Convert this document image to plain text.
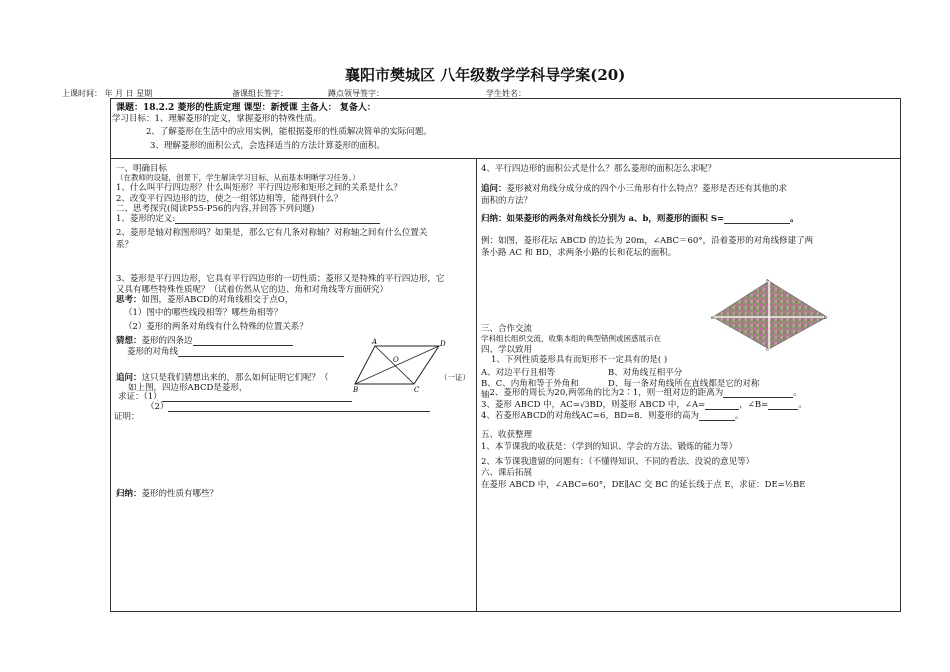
襄阳市樊城区 八年级数学学科导学案(20)
上课时间： 年 月 日 星期	备课组长签字：	蹲点领导签字：	学生姓名：
课题：18.2.2 菱形的性质定理 课型：新授课 主备人： 复备人：
学习目标：1、理解菱形的定义，掌握菱形的特殊性质。
2、了解菱形在生活中的应用实例，能根据菱形的性质解决简单的实际问题。
3、理解菱形的面积公式，会选择适当的方法计算菱形的面积。
一、明确目标
（在教师的设疑，创景下，学生解读学习目标，从而基本明晰学习任务。）
1、什么叫平行四边形？什么叫矩形？平行四边形和矩形之间的关系是什么？
2、改变平行四边形的边，使之一组邻边相等，能得到什么？
二、思考探究(阅读P55-P56的内容,并回答下列问题)
1、菱形的定义:
2、菱形是轴对称图形吗？如果是，那么它有几条对称轴？对称轴之间有什么位置关
系？
3、菱形是平行四边形，它具有平行四边形的一切性质；菱形又是特殊的平行四边形，它
又具有哪些特殊性质呢？（试着仿然从它的边、角和对角线等方面研究）
思考：如图，菱形ABCD的对角线相交于点O，
（1）图中的哪些线段相等？哪些角相等？
（2）菱形的两条对角线有什么特殊的位置关系？
猜想：菱形的四条边
菱形的对角线
A	D
C
B
O
追问：这只是我们猜想出来的，那么如何证明它们呢？（	（一证）
如上图，四边形ABCD是菱形，
求证：（1）
（2）
证明：
归纳：菱形的性质有哪些？
4、平行四边形的面积公式是什么？那么菱形的面积怎么求呢？
追问：菱形被对角线分成分成的四个小三角形有什么特点？菱形是否还有其他的求
面积的方法？
归纳：如果菱形的两条对角线长分别为 a、b，则菱形的面积 S=	。
例：如图，菱形花坛 ABCD 的边长为 20m，∠ABC＝60°，沿着菱形的对角线修建了两
条小路 AC 和 BD，求两条小路的长和花坛的面积。
A
B
C
D
三、合作交流
学科组长组织交流，收集本组的典型错例或困惑展示在
四、学以致用
1、下列性质菱形具有而矩形不一定具有的是( )
A、对边平行且相等	B、对角线互相平分
B、C、内角和等于外角和	D、每一条对角线所在直线都是它的对称
轴 2、菱形的周长为20,两邻角的比为2∶1，则一组对边的距离为	。
3、菱形 ABCD 中，AC=√3BD，则菱形 ABCD 中，∠A=	，∠B=	。
4、若菱形ABCD的对角线AC=6，BD=8．则菱形的高为	。
五、收获整理
1、本节课我的收获是：（学到的知识、学会的方法、锻炼的能力等）
2、本节课我遗留的问题有：（不懂得知识、不同的看法、没说的意见等）
六、课后拓展
在菱形 ABCD 中，∠ABC=60°，DE∥AC 交 BC 的延长线于点 E，求证：DE=½BE
